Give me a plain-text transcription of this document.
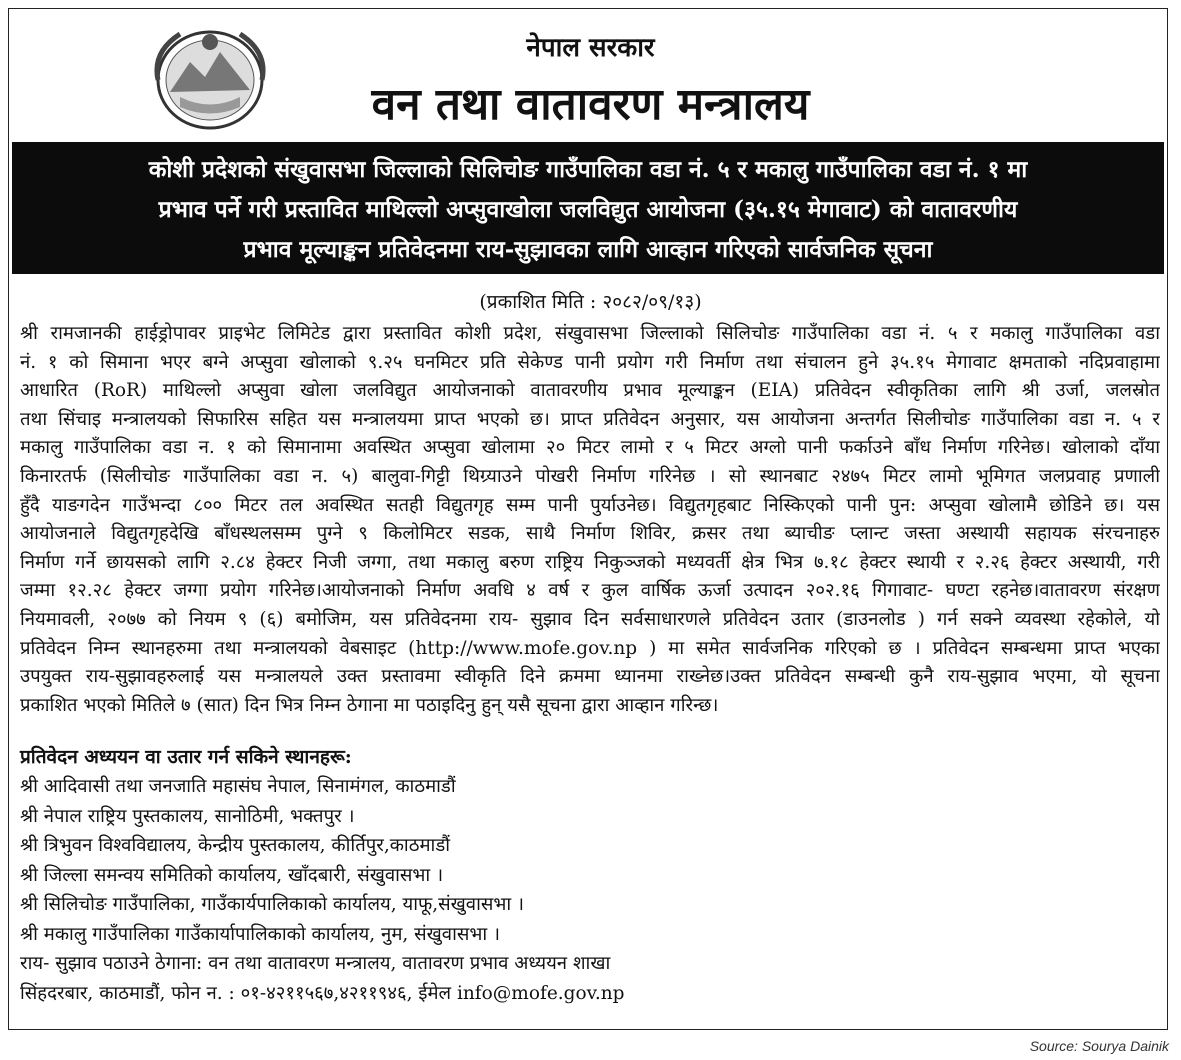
नेपाल सरकार
वन तथा वातावरण मन्त्रालय
कोशी प्रदेशको संखुवासभा जिल्लाको सिलिचोङ गाउँपालिका वडा नं. ५ र मकालु गाउँपालिका वडा नं. १ मा
प्रभाव पर्ने गरी प्रस्तावित माथिल्लो अप्सुवाखोला जलविद्युत आयोजना (३५.१५ मेगावाट) को वातावरणीय
प्रभाव मूल्याङ्कन प्रतिवेदनमा राय-सुझावका लागि आव्हान गरिएको सार्वजनिक सूचना
(प्रकाशित मिति : २०८२/०९/१३)
श्री रामजानकी हाईड्रोपावर प्राइभेट लिमिटेड द्वारा प्रस्तावित कोशी प्रदेश, संखुवासभा जिल्लाको सिलिचोङ गाउँपालिका वडा नं. ५ र मकालु गाउँपालिका वडा
नं. १ को सिमाना भएर बग्ने अप्सुवा खोलाको ९.२५ घनमिटर प्रति सेकेण्ड पानी प्रयोग गरी निर्माण तथा संचालन हुने ३५.१५ मेगावाट क्षमताको नदिप्रवाहामा
आधारित (RoR) माथिल्लो अप्सुवा खोला जलविद्युत आयोजनाको वातावरणीय प्रभाव मूल्याङ्कन (EIA) प्रतिवेदन स्वीकृतिका लागि श्री उर्जा, जलस्रोत
तथा सिंचाइ मन्त्रालयको सिफारिस सहित यस मन्त्रालयमा प्राप्त भएको छ। प्राप्त प्रतिवेदन अनुसार, यस आयोजना अन्तर्गत सिलीचोङ गाउँपालिका वडा न. ५ र
मकालु गाउँपालिका वडा न. १ को सिमानामा अवस्थित अप्सुवा खोलामा २० मिटर लामो र ५ मिटर अग्लो पानी फर्काउने बाँध निर्माण गरिनेछ। खोलाको दाँया
किनारतर्फ (सिलीचोङ गाउँपालिका वडा न. ५) बालुवा-गिट्टी थिग्र्याउने पोखरी निर्माण गरिनेछ । सो स्थानबाट २४७५ मिटर लामो भूमिगत जलप्रवाह प्रणाली
हुँदै याङगदेन गाउँभन्दा ८०० मिटर तल अवस्थित सतही विद्युतगृह सम्म पानी पुर्याउनेछ। विद्युतगृहबाट निस्किएको पानी पुन: अप्सुवा खोलामै छोडिने छ। यस
आयोजनाले विद्युतगृहदेखि बाँधस्थलसम्म पुग्ने ९ किलोमिटर सडक, साथै निर्माण शिविर, क्रसर तथा ब्याचीङ प्लान्ट जस्ता अस्थायी सहायक संरचनाहरु
निर्माण गर्ने छायसको लागि २.८४ हेक्टर निजी जग्गा, तथा मकालु बरुण राष्ट्रिय निकुञ्जको मध्यवर्ती क्षेत्र भित्र ७.१८ हेक्टर स्थायी र २.२६ हेक्टर अस्थायी, गरी
जम्मा १२.२८ हेक्टर जग्गा प्रयोग गरिनेछ।आयोजनाको निर्माण अवधि ४ वर्ष र कुल वार्षिक ऊर्जा उत्पादन २०२.१६ गिगावाट- घण्टा रहनेछ।वातावरण संरक्षण
नियमावली, २०७७ को नियम ९ (६) बमोजिम, यस प्रतिवेदनमा राय- सुझाव दिन सर्वसाधारणले प्रतिवेदन उतार (डाउनलोड ) गर्न सक्ने व्यवस्था रहेकोले, यो
प्रतिवेदन निम्न स्थानहरुमा तथा मन्त्रालयको वेबसाइट (http://www.mofe.gov.np ) मा समेत सार्वजनिक गरिएको छ । प्रतिवेदन सम्बन्धमा प्राप्त भएका
उपयुक्त राय-सुझावहरुलाई यस मन्त्रालयले उक्त प्रस्तावमा स्वीकृति दिने क्रममा ध्यानमा राख्नेछ।उक्त प्रतिवेदन सम्बन्धी कुनै राय-सुझाव भएमा, यो सूचना
प्रकाशित भएको मितिले ७ (सात) दिन भित्र निम्न ठेगाना मा पठाइदिनु हुन् यसै सूचना द्वारा आव्हान गरिन्छ।
प्रतिवेदन अध्ययन वा उतार गर्न सकिने स्थानहरू:
श्री आदिवासी तथा जनजाति महासंघ नेपाल, सिनामंगल, काठमाडौं
श्री नेपाल राष्ट्रिय पुस्तकालय, सानोठिमी, भक्तपुर ।
श्री त्रिभुवन विश्वविद्यालय, केन्द्रीय पुस्तकालय, कीर्तिपुर,काठमाडौं
श्री जिल्ला समन्वय समितिको कार्यालय, खाँदबारी, संखुवासभा ।
श्री सिलिचोङ गाउँपालिका, गाउँकार्यपालिकाको कार्यालय, याफू,संखुवासभा ।
श्री मकालु गाउँपालिका गाउँकार्यापालिकाको कार्यालय, नुम, संखुवासभा ।
राय- सुझाव पठाउने ठेगाना: वन तथा वातावरण मन्त्रालय, वातावरण प्रभाव अध्ययन शाखा
सिंहदरबार, काठमाडौं, फोन न. : ०१-४२११५६७,४२११९४६, ईमेल info@mofe.gov.np
Source: Sourya Dainik
